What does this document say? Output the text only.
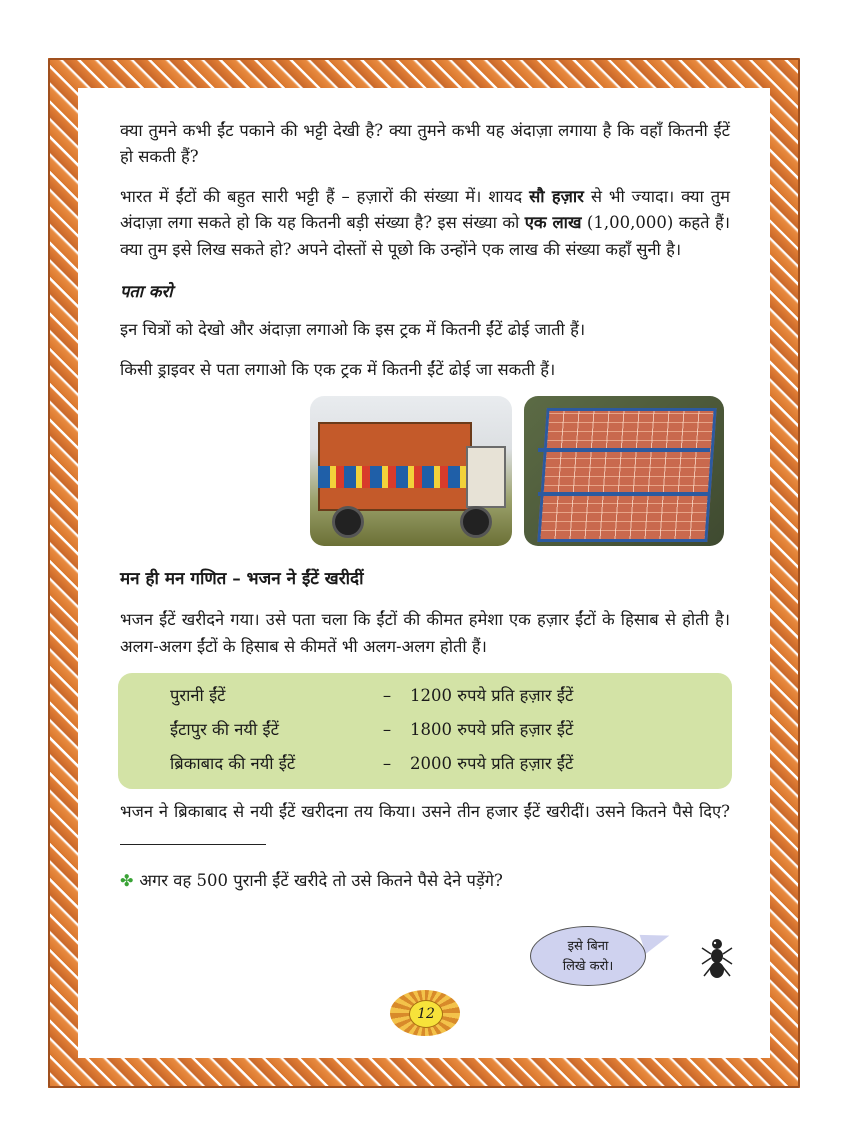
क्या तुमने कभी ईंट पकाने की भट्टी देखी है? क्या तुमने कभी यह अंदाज़ा लगाया है कि वहाँ कितनी ईंटें हो सकती हैं?

भारत में ईंटों की बहुत सारी भट्टी हैं – हज़ारों की संख्या में। शायद सौ हज़ार से भी ज्यादा। क्या तुम अंदाज़ा लगा सकते हो कि यह कितनी बड़ी संख्या है? इस संख्या को एक लाख (1,00,000) कहते हैं। क्या तुम इसे लिख सकते हो? अपने दोस्तों से पूछो कि उन्होंने एक लाख की संख्या कहाँ सुनी है।

पता करो

इन चित्रों को देखो और अंदाज़ा लगाओ कि इस ट्रक में कितनी ईंटें ढोई जाती हैं।

किसी ड्राइवर से पता लगाओ कि एक ट्रक में कितनी ईंटें ढोई जा सकती हैं।

मन ही मन गणित – भजन ने ईंटें खरीदीं

भजन ईंटें खरीदने गया। उसे पता चला कि ईंटों की कीमत हमेशा एक हज़ार ईंटों के हिसाब से होती है। अलग-अलग ईंटों के हिसाब से कीमतें भी अलग-अलग होती हैं।

पुरानी ईंटें	–	1200 रुपये प्रति हज़ार ईंटें
ईंटापुर की नयी ईंटें	–	1800 रुपये प्रति हज़ार ईंटें
ब्रिकाबाद की नयी ईंटें	–	2000 रुपये प्रति हज़ार ईंटें

भजन ने ब्रिकाबाद से नयी ईंटें खरीदना तय किया। उसने तीन हजार ईंटें खरीदीं। उसने कितने पैसे दिए?

✤ अगर वह 500 पुरानी ईंटें खरीदे तो उसे कितने पैसे देने पड़ेंगे?

इसे बिना
लिखे करो।
12
